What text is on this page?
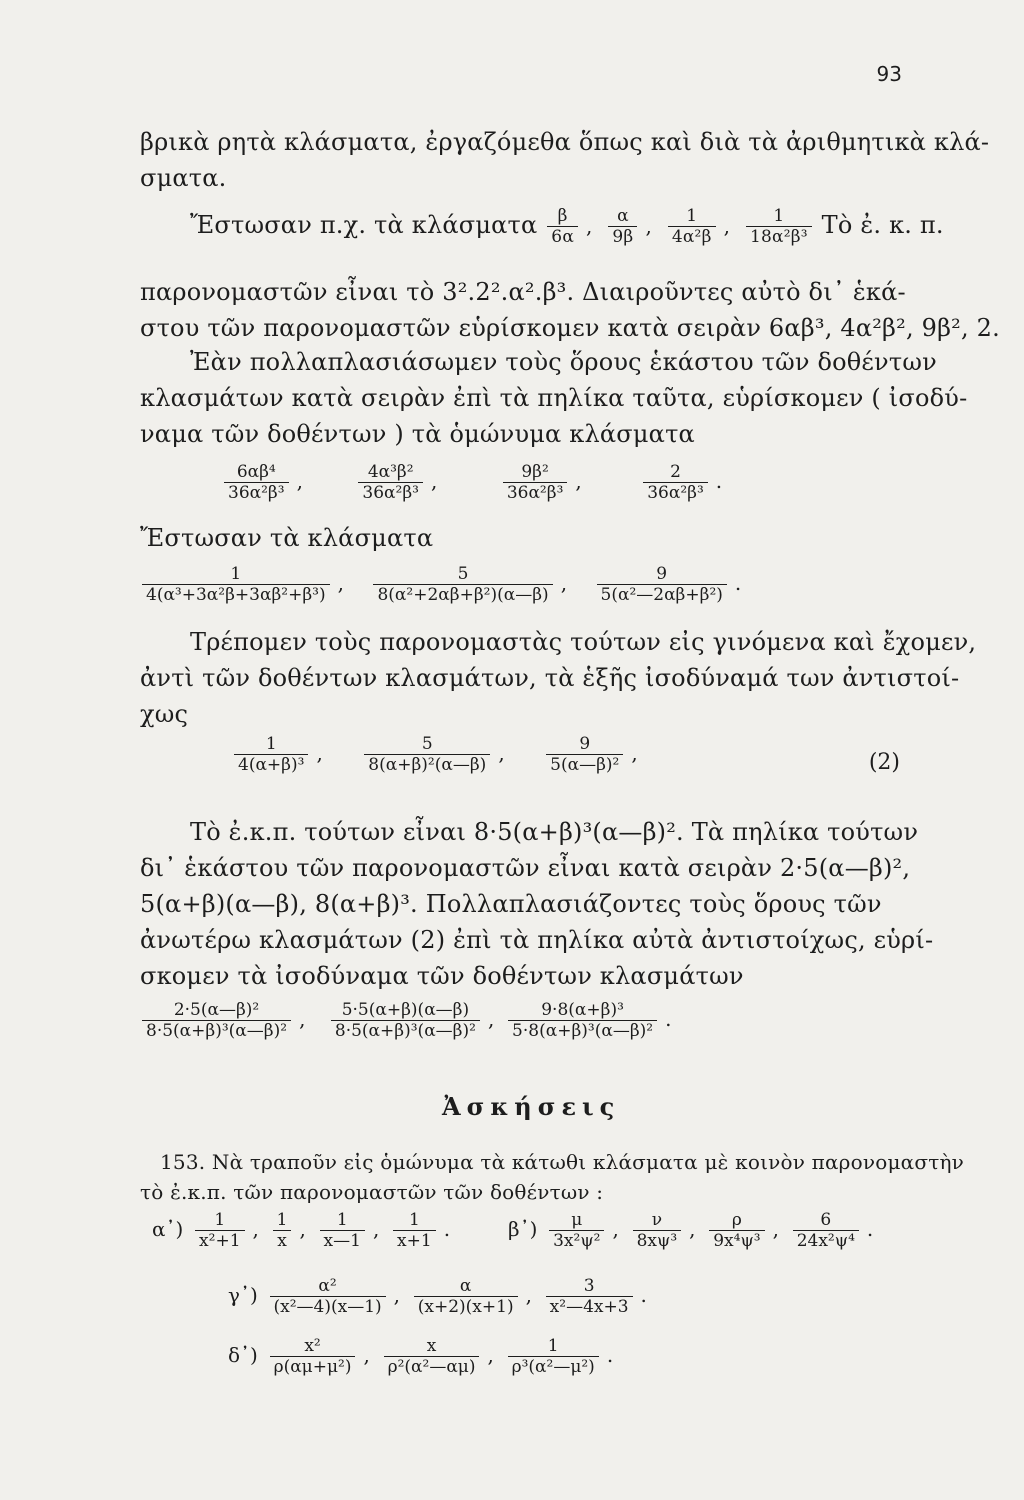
93
βρικὰ ρητὰ κλάσματα, ἐργαζόμεθα ὅπως καὶ διὰ τὰ ἀριθμητικὰ κλά-
σματα.
Ἔστωσαν π.χ. τὰ κλάσματα $\frac{\beta}{6\alpha}$ , $\frac{\alpha}{9\beta}$ , $\frac{1}{\text{4α²β}}$ , $\frac{1}{\text{18α²β³}}$ Τὸ ἐ. κ. π.
παρονομαστῶν εἶναι τὸ 3².2².α².β³. Διαιροῦντες αὐτὸ δι᾽ ἑκά-
στου τῶν παρονομαστῶν εὑρίσκομεν κατὰ σειρὰν 6αβ³, 4α²β², 9β², 2.
Ἐὰν πολλαπλασιάσωμεν τοὺς ὅρους ἑκάστου τῶν δοθέντων
κλασμάτων κατὰ σειρὰν ἐπὶ τὰ πηλίκα ταῦτα, εὑρίσκομεν ( ἰσοδύ-
ναμα τῶν δοθέντων ) τὰ ὁμώνυμα κλάσματα
$\frac{\text{6αβ⁴}}{\text{36α²β³}}$ ,	$\frac{\text{4α³β²}}{\text{36α²β³}}$ ,	$\frac{\text{9β²}}{\text{36α²β³}}$ ,	$\frac{2}{\text{36α²β³}}$ .
Ἔστωσαν τὰ κλάσματα
$\frac{1}{\text{4(α³+3α²β+3αβ²+β³)}}$ , $\frac{5}{\text{8(α²+2αβ+β²)(α—β)}}$ , $\frac{9}{\text{5(α²—2αβ+β²)}}$ .
Τρέπομεν τοὺς παρονομαστὰς τούτων εἰς γινόμενα καὶ ἔχομεν,
ἀντὶ τῶν δοθέντων κλασμάτων, τὰ ἑξῆς ἰσοδύναμά των ἀντιστοί-
χως
$\frac{1}{\text{4(α+β)³}}$ , $\frac{5}{\text{8(α+β)²(α—β)}}$ , $\frac{9}{\text{5(α—β)²}}$ ,	(2)
Τὸ ἐ.κ.π. τούτων εἶναι 8·5(α+β)³(α—β)². Τὰ πηλίκα τούτων
δι᾽ ἑκάστου τῶν παρονομαστῶν εἶναι κατὰ σειρὰν 2·5(α—β)²,
5(α+β)(α—β), 8(α+β)³. Πολλαπλασιάζοντες τοὺς ὅρους τῶν
ἀνωτέρω κλασμάτων (2) ἐπὶ τὰ πηλίκα αὐτὰ ἀντιστοίχως, εὑρί-
σκομεν τὰ ἰσοδύναμα τῶν δοθέντων κλασμάτων
$\frac{\text{2·5(α—β)²}}{\text{8·5(α+β)³(α—β)²}}$ , $\frac{5\cdot 5(\alpha+\beta)(\alpha—\beta)}{\text{8·5(α+β)³(α—β)²}}$ , $\frac{\text{9·8(α+β)³}}{\text{5·8(α+β)³(α—β)²}}$ .
Ἀσκήσεις
153. Νὰ τραποῦν εἰς ὁμώνυμα τὰ κάτωθι κλάσματα μὲ κοινὸν παρονομαστὴν
τὸ ἐ.κ.π. τῶν παρονομαστῶν τῶν δοθέντων :
α᾽) $\frac{1}{\text{x²+1}}$ , $\frac{1}{x}$ , $\frac{1}{x—1}$ , $\frac{1}{x+1}$ .	β᾽) $\frac{\mu}{\text{3x²ψ²}}$ , $\frac{\nu}{\text{8xψ³}}$ , $\frac{\rho}{\text{9x⁴ψ³}}$ , $\frac{6}{\text{24x²ψ⁴}}$ .
γ᾽) $\frac{\text{α²}}{\text{(x²—4)(x—1)}}$ , $\frac{\alpha}{(x+2)(x+1)}$ , $\frac{3}{\text{x²—4x+3}}$ .
δ᾽) $\frac{\text{x²}}{\text{ρ(αμ+μ²)}}$ , $\frac{x}{\text{ρ²(α²—αμ)}}$ , $\frac{1}{\text{ρ³(α²—μ²)}}$ .
